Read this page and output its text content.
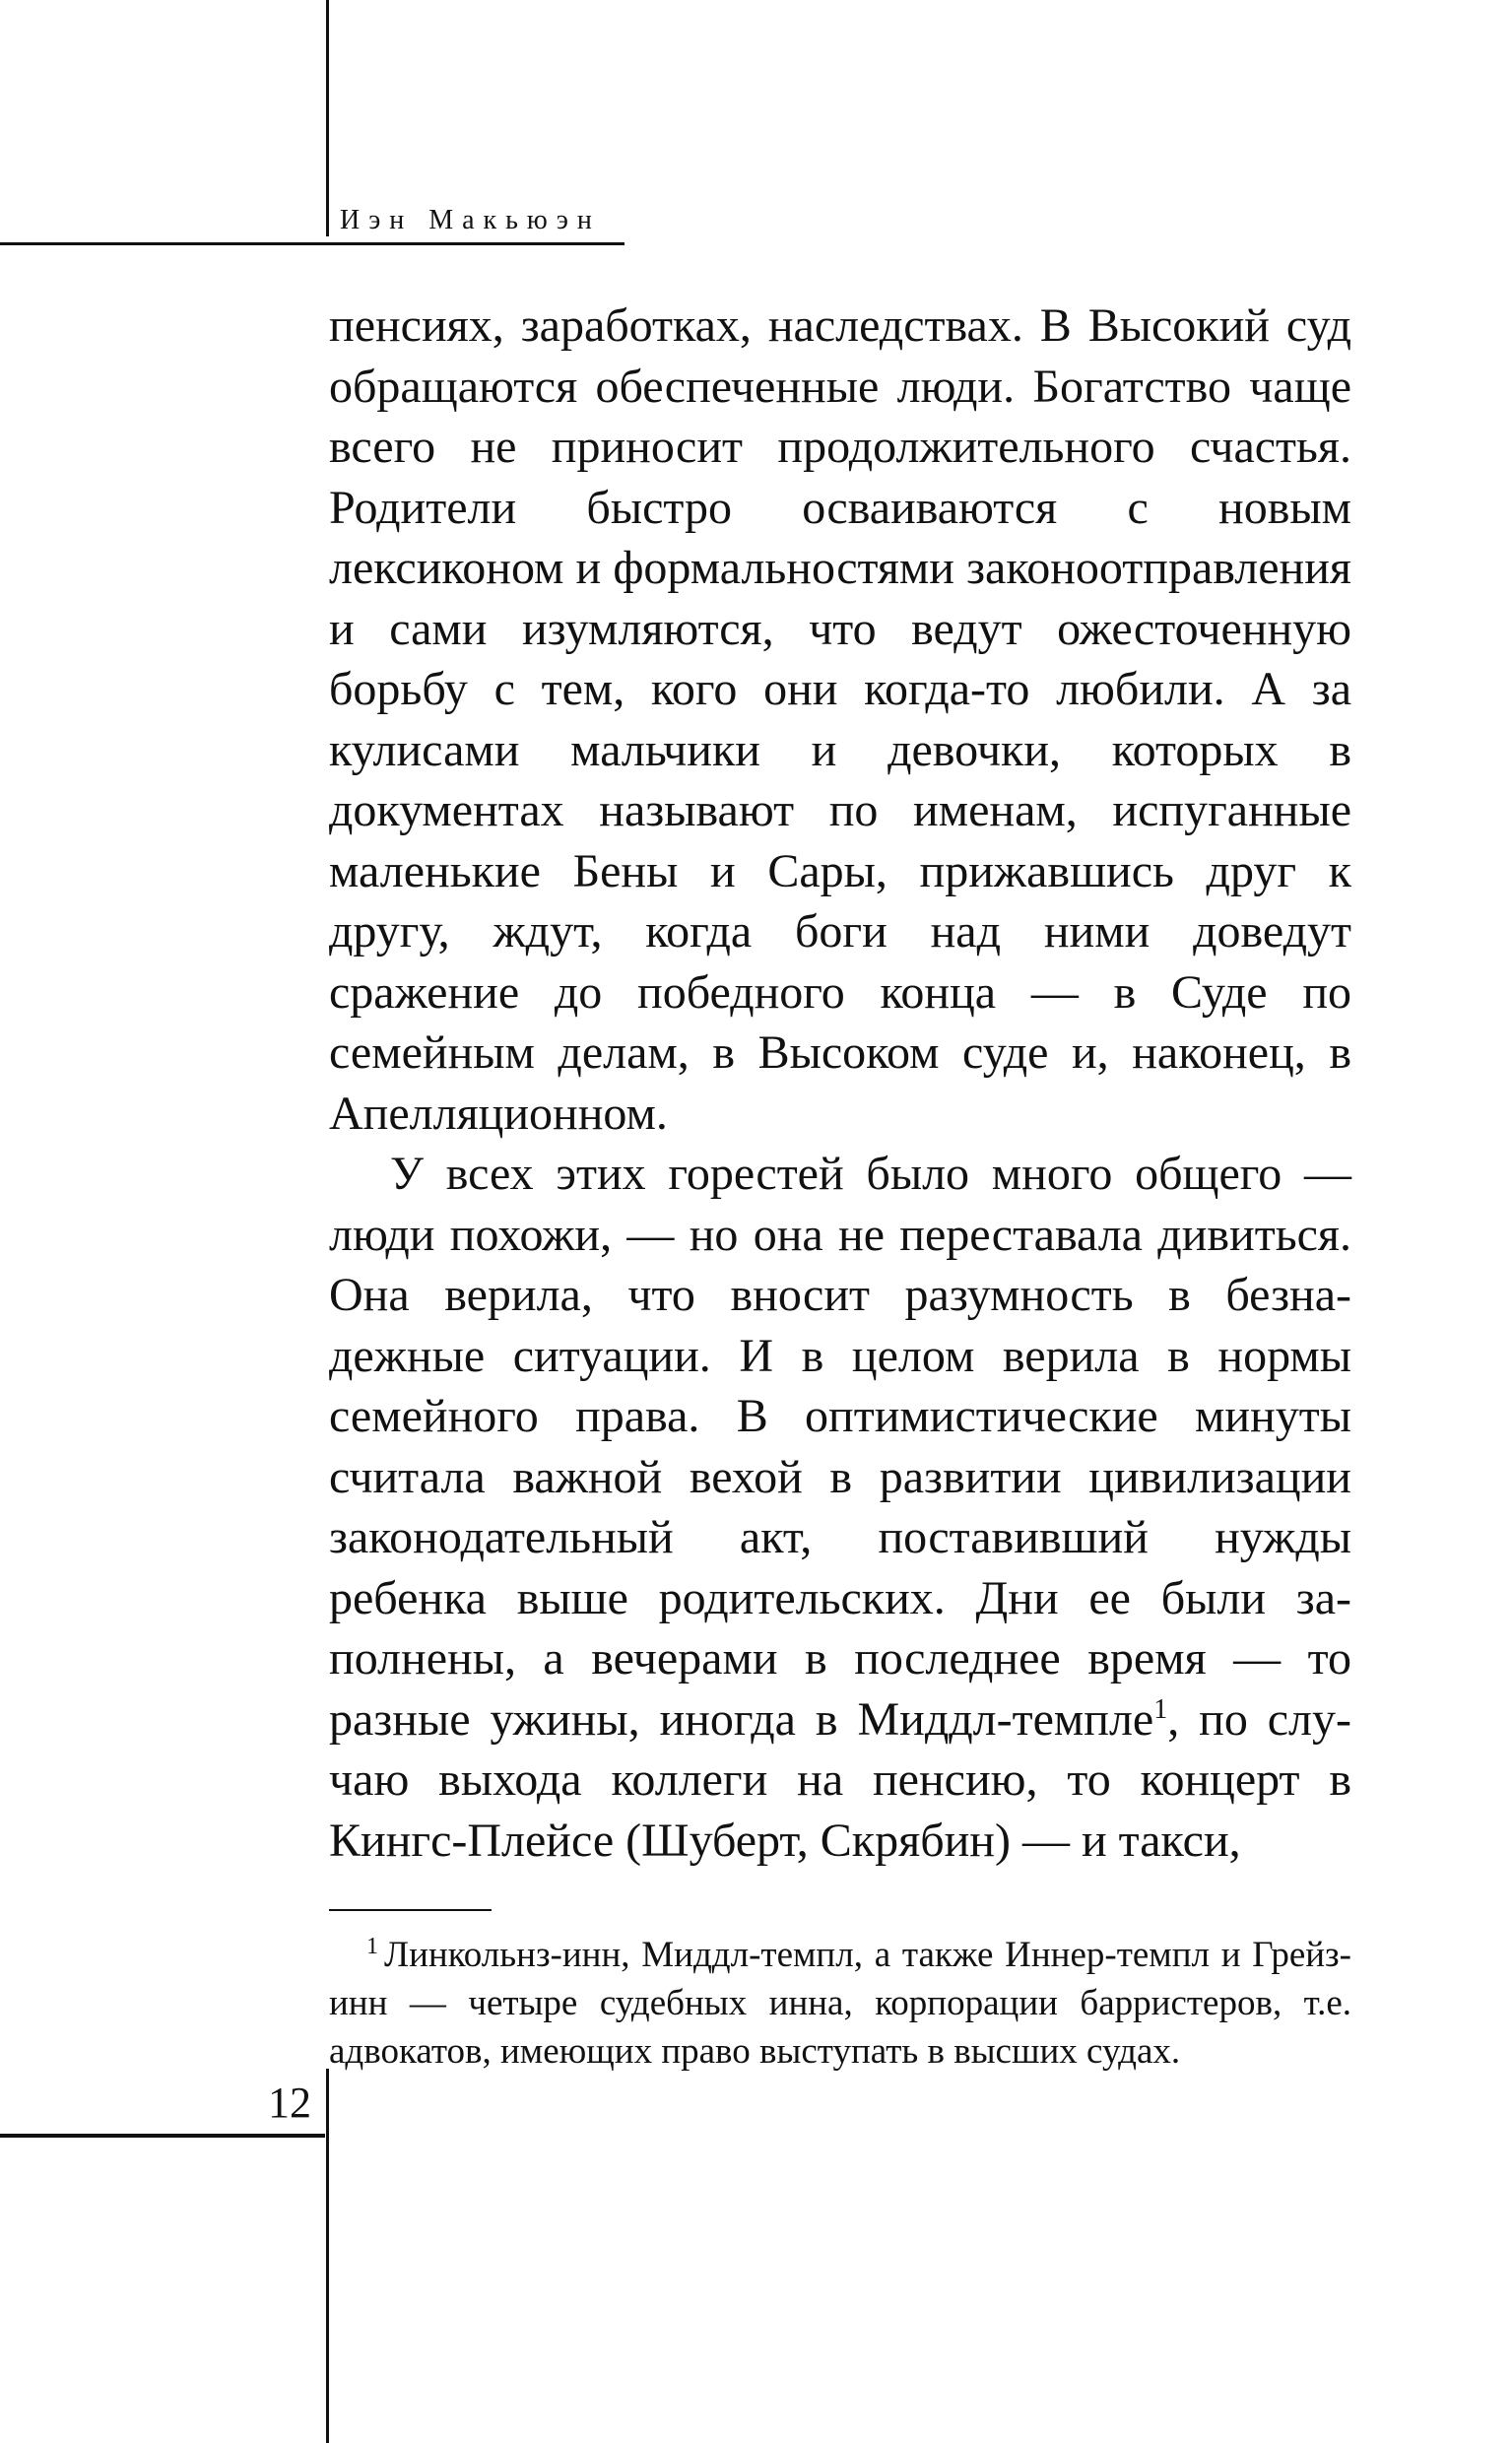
Иэн Макьюэн

пенсиях, заработках, наследствах. В Высокий суд обращаются обеспеченные люди. Богатство чаще всего не приносит продолжительного счастья. Родители быстро осваиваются с новым лексиконом и формальностями законоотправления и сами изумляются, что ведут ожесточенную борьбу с тем, кого они когда-то любили. А за кулисами мальчики и девочки, которых в документах называют по именам, испуганные маленькие Бены и Сары, прижавшись друг к другу, ждут, когда боги над ними доведут сражение до победного конца — в Суде по семейным делам, в Высоком суде и, наконец, в Апелляционном.

У всех этих горестей было много общего — люди похожи, — но она не переставала дивиться. Она верила, что вносит разумность в безнадежные ситуации. И в целом верила в нормы семейного права. В оптимистические минуты считала важной вехой в развитии цивилизации законодательный акт, поставивший нужды ребенка выше родительских. Дни ее были заполнены, а вечерами в последнее время — то разные ужины, иногда в Миддл-темпле$^1$, по случаю выхода коллеги на пенсию, то концерт в Кингс-Плейсе (Шуберт, Скрябин) — и такси,

$^1$ Линкольнз-инн, Миддл-темпл, а также Иннер-темпл и Грейз-инн — четыре судебных инна, корпорации барристеров, т.е. адвокатов, имеющих право выступать в высших судах.
12
